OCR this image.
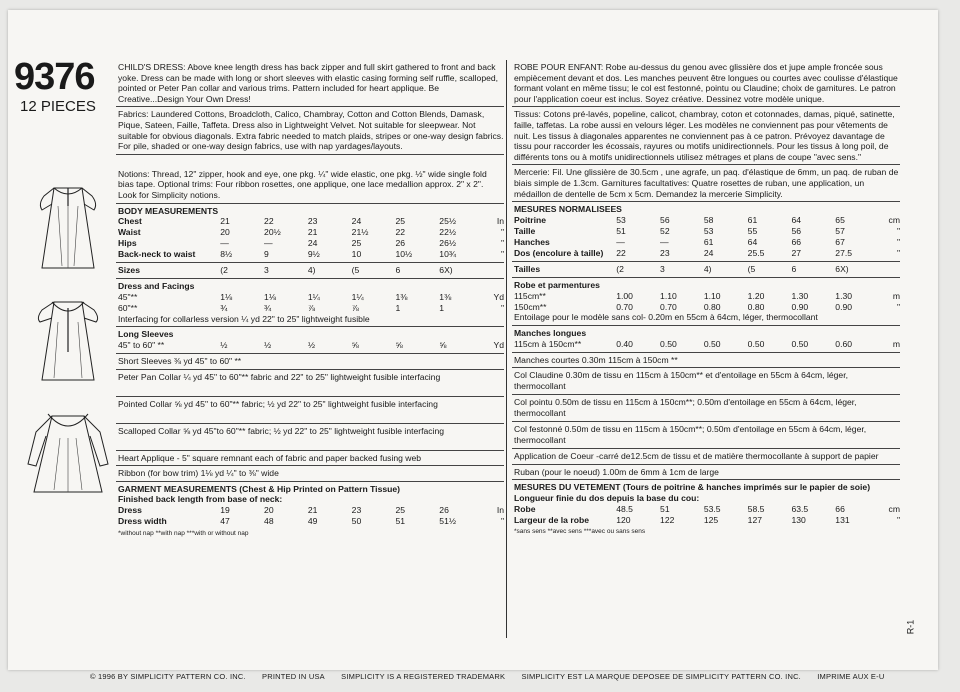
9376
12 PIECES

CHILD'S DRESS: Above knee length dress has back zipper and full skirt gathered to front and back yoke. Dress can be made with long or short sleeves with elastic casing forming self ruffle, scalloped, pointed or Peter Pan collar and various trims. Pattern included for heart applique. Be Creative...Design Your Own Dress!

Fabrics: Laundered Cottons, Broadcloth, Calico, Chambray, Cotton and Cotton Blends, Damask, Pique, Sateen, Faille, Taffeta. Dress also in Lightweight Velvet. Not suitable for sleepwear. Not suitable for obvious diagonals. Extra fabric needed to match plaids, stripes or one-way design fabrics. For pile, shaded or one-way design fabrics, use with nap yardages/layouts.

Notions: Thread, 12" zipper, hook and eye, one pkg. ¼" wide elastic, one pkg. ½" wide single fold bias tape. Optional trims: Four ribbon rosettes, one applique, one lace medallion approx. 2" x 2". Look for Simplicity notions.

BODY MEASUREMENTS
Chest	21	22	23	24	25	25½	In
Waist	20	20½	21	21½	22	22½	"
Hips	—	—	24	25	26	26½	"
Back-neck to waist	8½	9	9½	10	10½	10¾	"
Sizes	(2	3	4)	(5	6	6X)	
Dress and Facings
45"**	1⅛	1⅛	1¼	1¼	1⅜	1⅜	Yd
60"**	¾	¾	⅞	⅞	1	1	"

Interfacing for collarless version ¼ yd 22" to 25" lightweight fusible

Long Sleeves
45" to 60" **	½	½	½	⅝	⅝	⅝	Yd

Short Sleeves ⅜ yd 45" to 60" **

Peter Pan Collar ¼ yd 45" to 60"** fabric and 22" to 25" lightweight fusible interfacing

Pointed Collar ⅝ yd 45" to 60"** fabric; ½ yd 22" to 25" lightweight fusible interfacing

Scalloped Collar ⅝ yd 45"to 60"** fabric; ½ yd 22" to 25" lightweight fusible interfacing

Heart Applique - 5" square remnant each of fabric and paper backed fusing web

Ribbon (for bow trim) 1⅛ yd ¼" to ⅜" wide

GARMENT MEASUREMENTS (Chest & Hip Printed on Pattern Tissue)
Finished back length from base of neck:
Dress	19	20	21	23	25	26	In
Dress width	47	48	49	50	51	51½	"
*without nap **with nap ***with or without nap

ROBE POUR ENFANT: Robe au-dessus du genou avec glissière dos et jupe ample froncée sous empiècement devant et dos. Les manches peuvent être longues ou courtes avec coulisse d'élastique formant volant en même tissu; le col est festonné, pointu ou Claudine; choix de garnitures. Le patron pour l'application coeur est inclus. Soyez créative. Dessinez votre modèle unique.

Tissus: Cotons pré-lavés, popeline, calicot, chambray, coton et cotonnades, damas, piqué, satinette, faille, taffetas. La robe aussi en velours léger. Les modèles ne conviennent pas pour vêtements de nuit. Les tissus à diagonales apparentes ne conviennent pas à ce patron. Prévoyez davantage de tissu pour raccorder les écossais, rayures ou motifs unidirectionnels. Pour les tissus à long poil, de différents tons ou à motifs unidirectionnels utilisez métrages et plans de coupe "avec sens."

Mercerie: Fil. Une glissière de 30.5cm , une agrafe, un paq. d'élastique de 6mm, un paq. de ruban de biais simple de 1.3cm. Garnitures facultatives: Quatre rosettes de ruban, une application, un médaillon de dentelle de 5cm x 5cm. Demandez la mercerie Simplicity.

MESURES NORMALISEES
Poitrine	53	56	58	61	64	65	cm
Taille	51	52	53	55	56	57	"
Hanches	—	—	61	64	66	67	"
Dos (encolure à taille)	22	23	24	25.5	27	27.5	"
Tailles	(2	3	4)	(5	6	6X)	
Robe et parmentures
115cm**	1.00	1.10	1.10	1.20	1.30	1.30	m
150cm**	0.70	0.70	0.80	0.80	0.90	0.90	"

Entoilage pour le modèle sans col- 0.20m en 55cm à 64cm, léger, thermocollant

Manches longues
115cm à 150cm**	0.40	0.50	0.50	0.50	0.50	0.60	m

Manches courtes 0.30m 115cm à 150cm **

Col Claudine 0.30m de tissu en 115cm à 150cm** et d'entoilage en 55cm à 64cm, léger, thermocollant

Col pointu 0.50m de tissu en 115cm à 150cm**; 0.50m d'entoilage en 55cm à 64cm, léger, thermocollant

Col festonné 0.50m de tissu en 115cm à 150cm**; 0.50m d'entoilage en 55cm à 64cm, léger, thermocollant

Application de Coeur -carré de12.5cm de tissu et de matière thermocollante à support de papier

Ruban (pour le noeud) 1.00m de 6mm à 1cm de large

MESURES DU VETEMENT (Tours de poitrine & hanches imprimés sur le papier de soie)
Longueur finie du dos depuis la base du cou:
Robe	48.5	51	53.5	58.5	63.5	66	cm
Largeur de la robe	120	122	125	127	130	131	"
*sans sens **avec sens ***avec ou sans sens
R-1
© 1996 BY SIMPLICITY PATTERN CO. INC. PRINTED IN USA SIMPLICITY IS A REGISTERED TRADEMARK SIMPLICITY EST LA MARQUE DEPOSEE DE SIMPLICITY PATTERN CO. INC. IMPRIME AUX E-U
